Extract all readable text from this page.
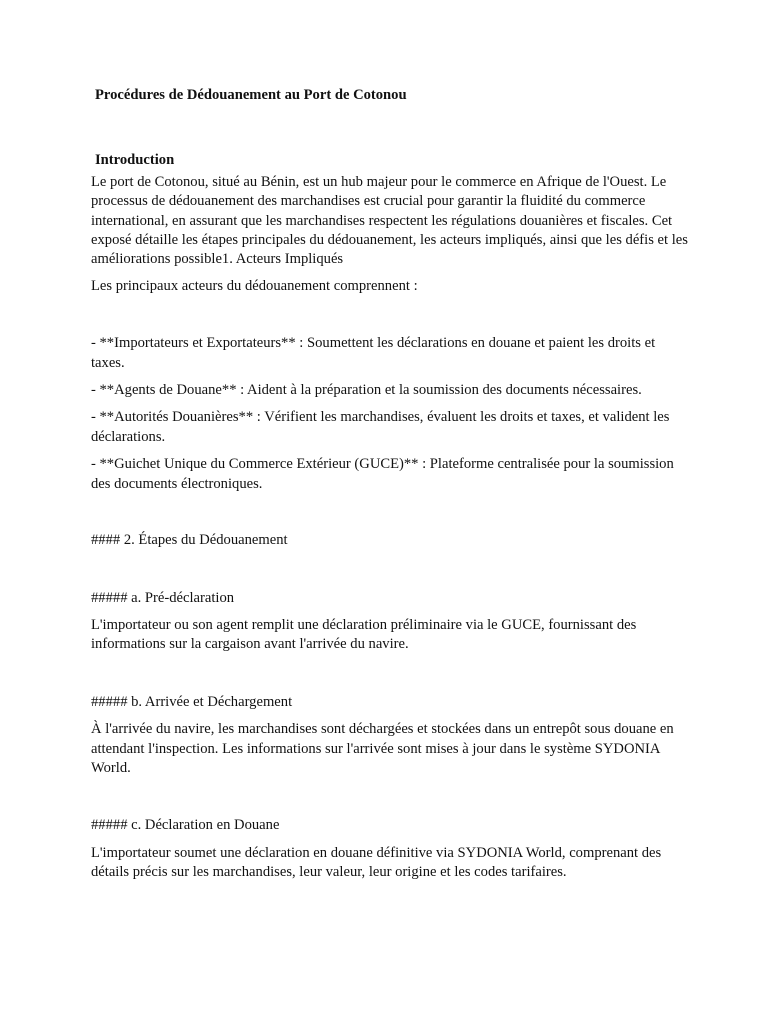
Procédures de Dédouanement au Port de Cotonou

Introduction

Le port de Cotonou, situé au Bénin, est un hub majeur pour le commerce en Afrique de l'Ouest. Le processus de dédouanement des marchandises est crucial pour garantir la fluidité du commerce international, en assurant que les marchandises respectent les régulations douanières et fiscales. Cet exposé détaille les étapes principales du dédouanement, les acteurs impliqués, ainsi que les défis et les améliorations possible1. Acteurs Impliqués

Les principaux acteurs du dédouanement comprennent :

- **Importateurs et Exportateurs** : Soumettent les déclarations en douane et paient les droits et taxes.

- **Agents de Douane** : Aident à la préparation et la soumission des documents nécessaires.

- **Autorités Douanières** : Vérifient les marchandises, évaluent les droits et taxes, et valident les déclarations.

- **Guichet Unique du Commerce Extérieur (GUCE)** : Plateforme centralisée pour la soumission des documents électroniques.

#### 2. Étapes du Dédouanement

##### a. Pré-déclaration

L'importateur ou son agent remplit une déclaration préliminaire via le GUCE, fournissant des informations sur la cargaison avant l'arrivée du navire.

##### b. Arrivée et Déchargement

À l'arrivée du navire, les marchandises sont déchargées et stockées dans un entrepôt sous douane en attendant l'inspection. Les informations sur l'arrivée sont mises à jour dans le système SYDONIA World.

##### c. Déclaration en Douane

L'importateur soumet une déclaration en douane définitive via SYDONIA World, comprenant des détails précis sur les marchandises, leur valeur, leur origine et les codes tarifaires.
